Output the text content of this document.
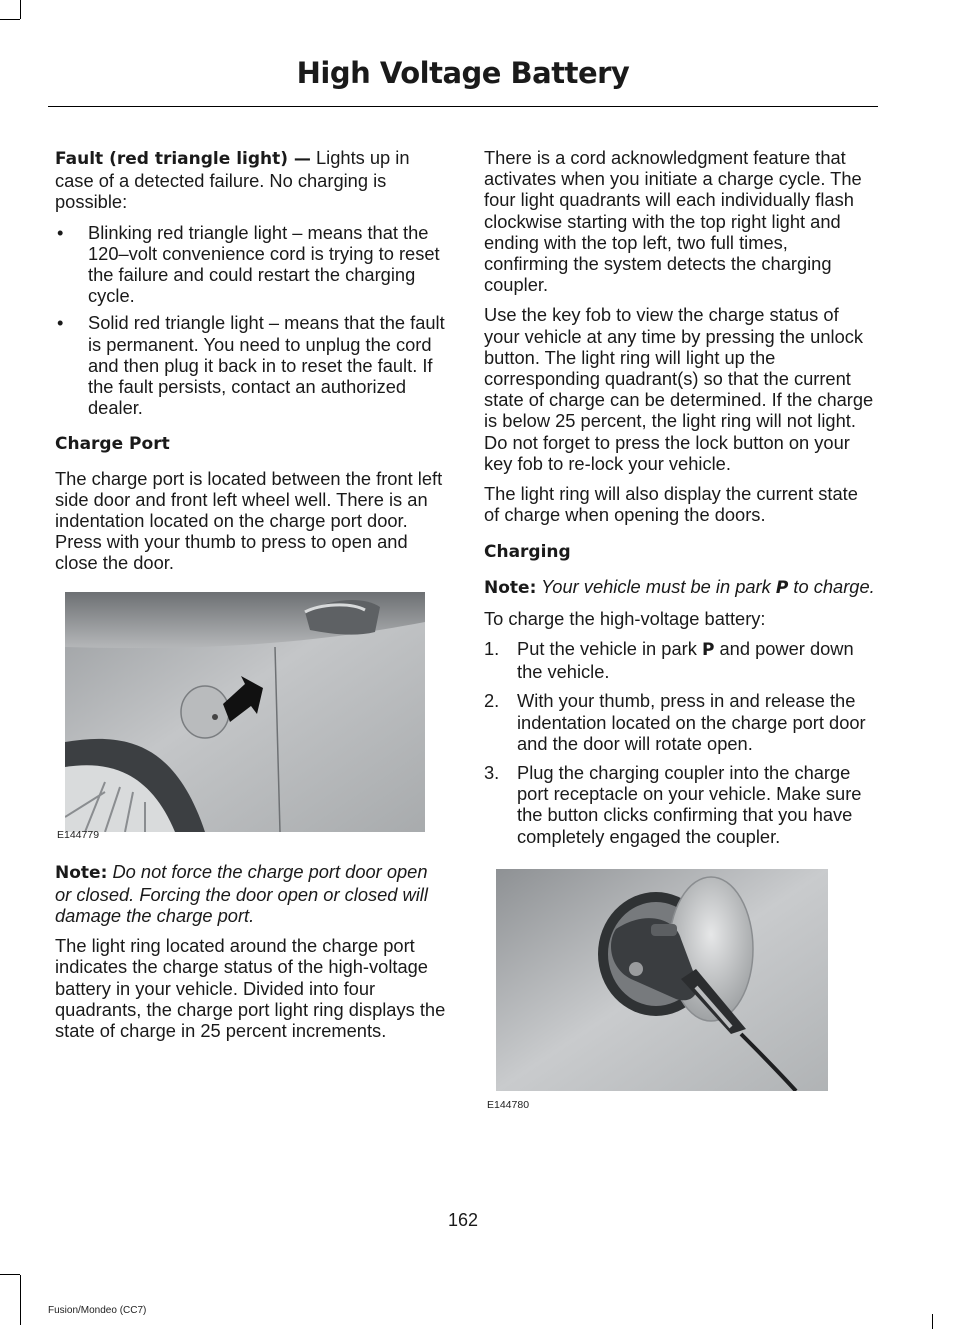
High Voltage Battery

Fault (red triangle light) — Lights up in case of a detected failure. No charging is possible:

• Blinking red triangle light – means that the 120–volt convenience cord is trying to reset the failure and could restart the charging cycle.
• Solid red triangle light – means that the fault is permanent. You need to unplug the cord and then plug it back in to reset the fault. If the fault persists, contact an authorized dealer.
Charge Port

The charge port is located between the front left side door and front left wheel well. There is an indentation located on the charge port door. Press with your thumb to press to open and close the door.

E144779

Note: Do not force the charge port door open or closed. Forcing the door open or closed will damage the charge port.

The light ring located around the charge port indicates the charge status of the high-voltage battery in your vehicle. Divided into four quadrants, the charge port light ring displays the state of charge in 25 percent increments.

There is a cord acknowledgment feature that activates when you initiate a charge cycle. The four light quadrants will each individually flash clockwise starting with the top right light and ending with the top left, two full times, confirming the system detects the charging coupler.

Use the key fob to view the charge status of your vehicle at any time by pressing the unlock button. The light ring will light up the corresponding quadrant(s) so that the current state of charge can be determined. If the charge is below 25 percent, the light ring will not light. Do not forget to press the lock button on your key fob to re-lock your vehicle.

The light ring will also display the current state of charge when opening the doors.

Charging

Note: Your vehicle must be in park P to charge.

To charge the high-voltage battery:

1. Put the vehicle in park P and power down the vehicle.
2. With your thumb, press in and release the indentation located on the charge port door and the door will rotate open.
3. Plug the charging coupler into the charge port receptacle on your vehicle. Make sure the button clicks confirming that you have completely engaged the coupler.
E144780
162
Fusion/Mondeo (CC7)
